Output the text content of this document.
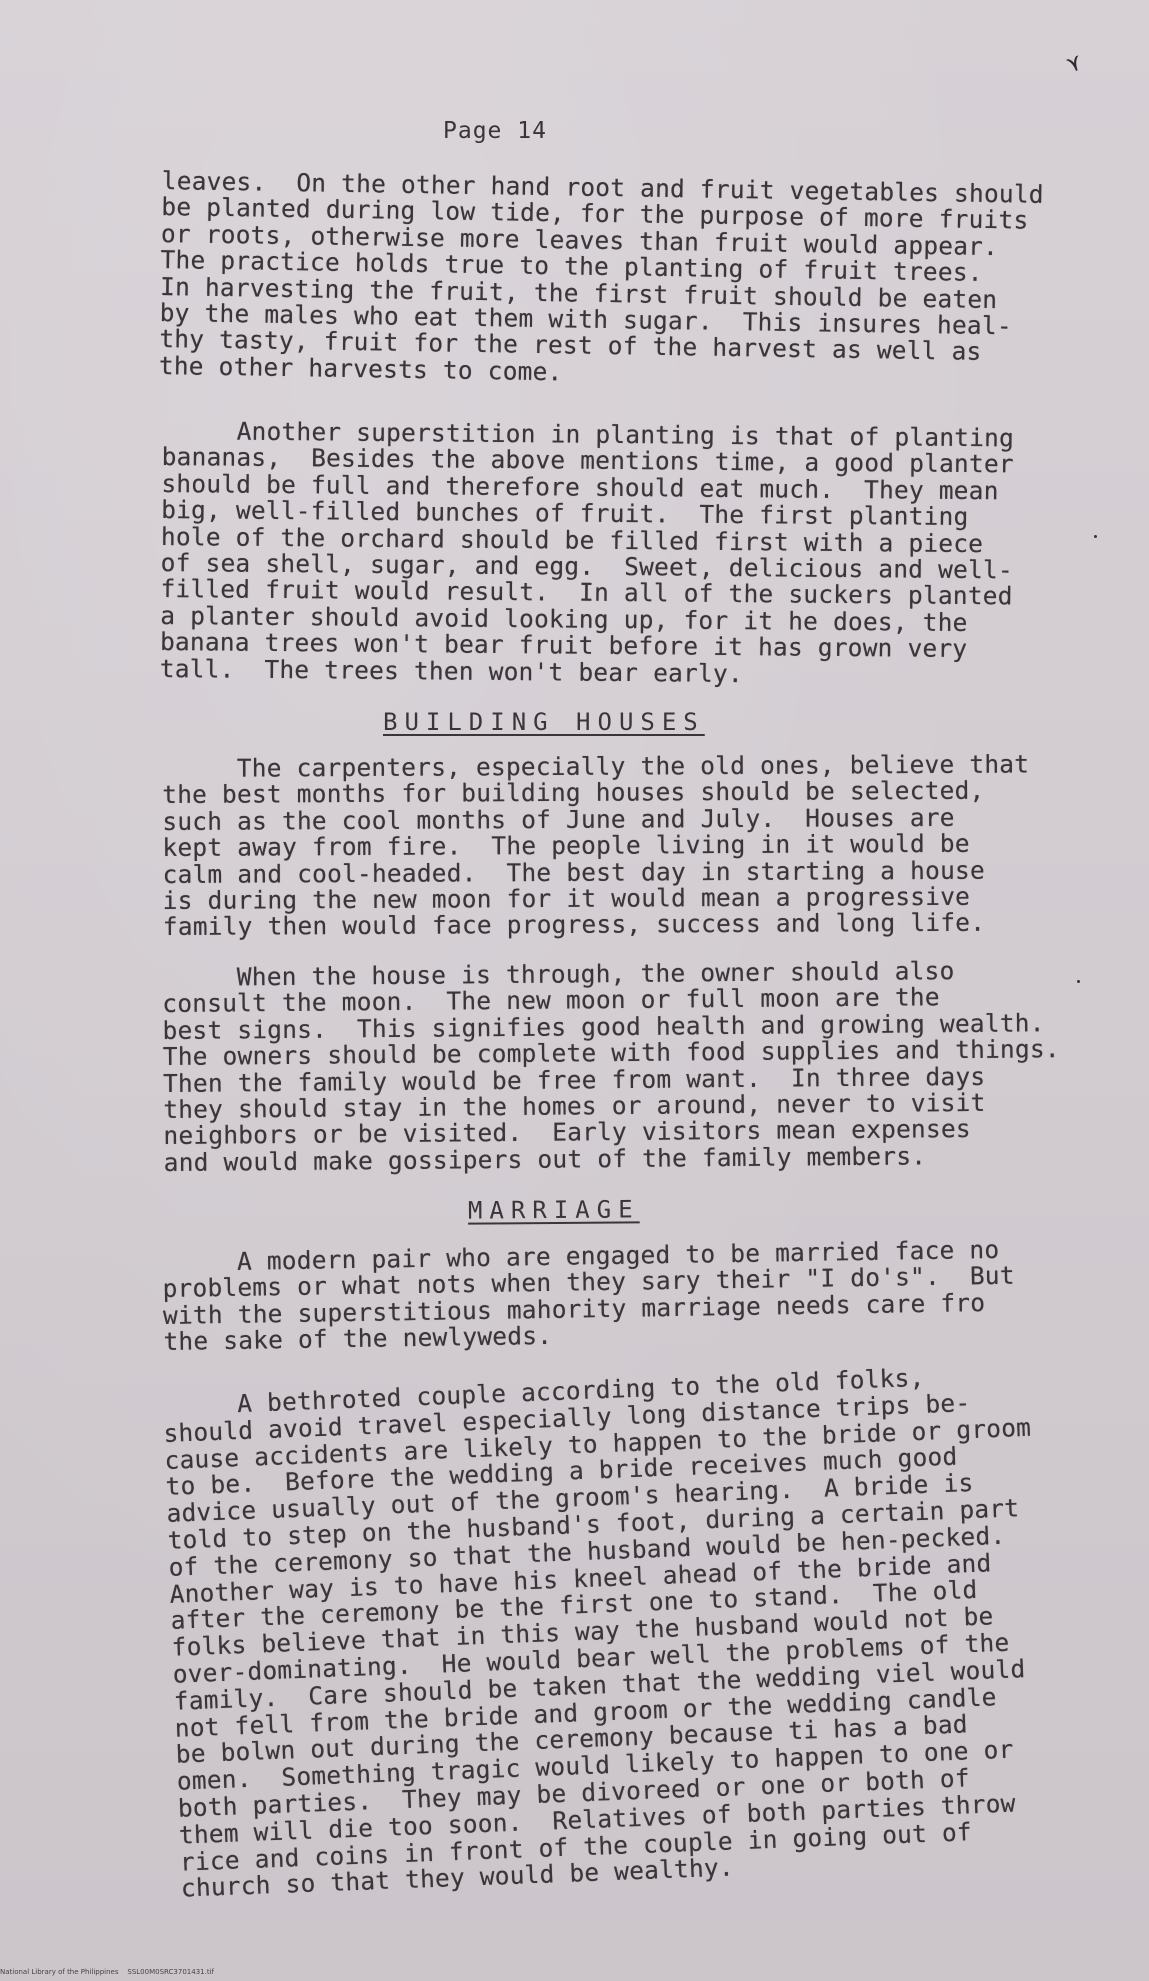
⋎
Page 14
leaves.  On the other hand root and fruit vegetables should
be planted during low tide, for the purpose of more fruits
or roots, otherwise more leaves than fruit would appear.
The practice holds true to the planting of fruit trees.
In harvesting the fruit, the first fruit should be eaten
by the males who eat them with sugar.  This insures heal-
thy tasty, fruit for the rest of the harvest as well as
the other harvests to come.
Another superstition in planting is that of planting
bananas,  Besides the above mentions time, a good planter
should be full and therefore should eat much.  They mean
big, well-filled bunches of fruit.  The first planting
hole of the orchard should be filled first with a piece
of sea shell, sugar, and egg.  Sweet, delicious and well-
filled fruit would result.  In all of the suckers planted
a planter should avoid looking up, for it he does, the
banana trees won't bear fruit before it has grown very
tall.  The trees then won't bear early.
BUILDING HOUSES
The carpenters, especially the old ones, believe that
the best months for building houses should be selected,
such as the cool months of June and July.  Houses are
kept away from fire.  The people living in it would be
calm and cool-headed.  The best day in starting a house
is during the new moon for it would mean a progressive
family then would face progress, success and long life.
When the house is through, the owner should also
consult the moon.  The new moon or full moon are the
best signs.  This signifies good health and growing wealth.
The owners should be complete with food supplies and things.
Then the family would be free from want.  In three days
they should stay in the homes or around, never to visit
neighbors or be visited.  Early visitors mean expenses
and would make gossipers out of the family members.
MARRIAGE
A modern pair who are engaged to be married face no
problems or what nots when they sary their "I do's".  But
with the superstitious mahority marriage needs care fro
the sake of the newlyweds.
A bethroted couple according to the old folks,
should avoid travel especially long distance trips be-
cause accidents are likely to happen to the bride or groom
to be.  Before the wedding a bride receives much good
advice usually out of the groom's hearing.  A bride is
told to step on the husband's foot, during a certain part
of the ceremony so that the husband would be hen-pecked.
Another way is to have his kneel ahead of the bride and
after the ceremony be the first one to stand.  The old
folks believe that in this way the husband would not be
over-dominating.  He would bear well the problems of the
family.  Care should be taken that the wedding viel would
not fell from the bride and groom or the wedding candle
be bolwn out during the ceremony because ti has a bad
omen.  Something tragic would likely to happen to one or
both parties.  They may be divoreed or one or both of
them will die too soon.  Relatives of both parties throw
rice and coins in front of the couple in going out of
church so that they would be wealthy.
National Library of the Philippines    SSL00M0SRC3701431.tif
